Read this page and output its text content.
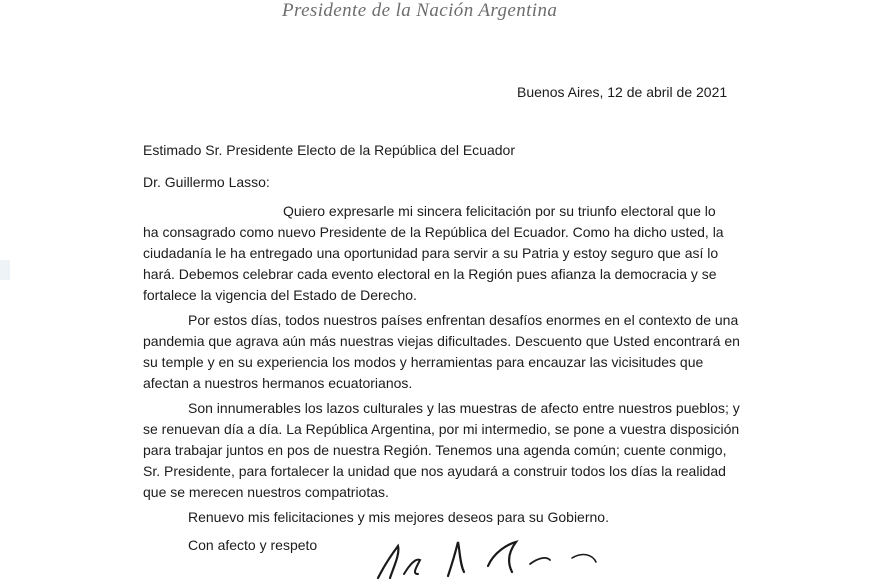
Presidente de la Nación Argentina
Buenos Aires, 12 de abril de 2021
Estimado Sr. Presidente Electo de la República del Ecuador
Dr. Guillermo Lasso:
Quiero expresarle mi sincera felicitación por su triunfo electoral que lo
ha consagrado como nuevo Presidente de la República del Ecuador. Como ha dicho usted, la
ciudadanía le ha entregado una oportunidad para servir a su Patria y estoy seguro que así lo
hará. Debemos celebrar cada evento electoral en la Región pues afianza la democracia y se
fortalece la vigencia del Estado de Derecho.
Por estos días, todos nuestros países enfrentan desafíos enormes en el contexto de una
pandemia que agrava aún más nuestras viejas dificultades. Descuento que Usted encontrará en
su temple y en su experiencia los modos y herramientas para encauzar las vicisitudes que
afectan a nuestros hermanos ecuatorianos.
Son innumerables los lazos culturales y las muestras de afecto entre nuestros pueblos; y
se renuevan día a día. La República Argentina, por mi intermedio, se pone a vuestra disposición
para trabajar juntos en pos de nuestra Región. Tenemos una agenda común; cuente conmigo,
Sr. Presidente, para fortalecer la unidad que nos ayudará a construir todos los días la realidad
que se merecen nuestros compatriotas.
Renuevo mis felicitaciones y mis mejores deseos para su Gobierno.
Con afecto y respeto
